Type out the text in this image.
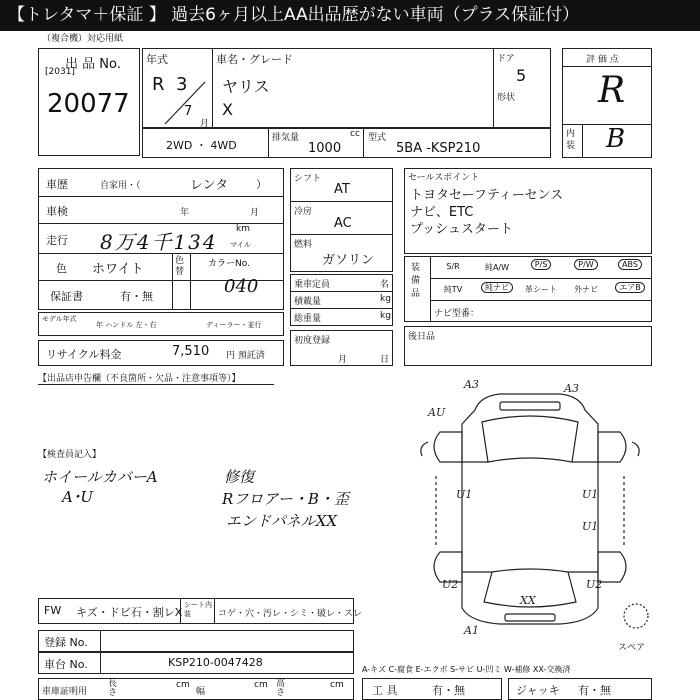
【トレタマ＋保証 】 過去6ヶ月以上AA出品歴がない車両（プラス保証付）
（複合機）対応用紙
出 品 No.
[2031]
20077
年式
R 3
7
月
車名・グレード
ヤリス
X
ドア
5
形状
評 価 点
R
内装 B
2WD ・ 4WD
排気量	cc
1000
型式
5BA -KSP210
車歴	自家用・（	レンタ	）
車検	年	月
走行 8万4千134
km
マイル
色 ホワイト
色替
カラーNo.
040
保証書	有・無
モデル年式
年 ハンドル 左・右	ディーラー・並行
リサイクル料金	7,510 円 預託済
シフト
AT
冷房
AC
燃料
ガソリン
乗車定員	名
積載量	kg
総重量	kg
初度登録
月	日
セールスポイント
トヨタセーフティーセンス
ナビ、ETC
プッシュスタート
装備品
S/R	純A/W	P/S	P/W	ABS
純TV	純ナビ	革シート	外ナビ	エアB
ナビ型番：
後日品
【出品店申告欄（不良箇所・欠品・注意事項等）】
【検査員記入】
ホイールカバーA
A･U
修復
Rフロアー・B・歪
エンドパネルXX
A3	A3
AU
U1	U1
U1
U2	U2
XX
A1
FW キズ・ドビ石・割レX
シート内装	コゲ・穴・汚レ・シミ・破レ・スレ
登録 No.
車台 No.	KSP210-0047428
車庫証明用
長さ
cm
幅
cm 高さ
cm
A-キズ C-腐食 E-エクボ S-サビ U-凹ミ W-補修 XX-交換済
スペア
工 具	有・無	ジャッキ 有・無
